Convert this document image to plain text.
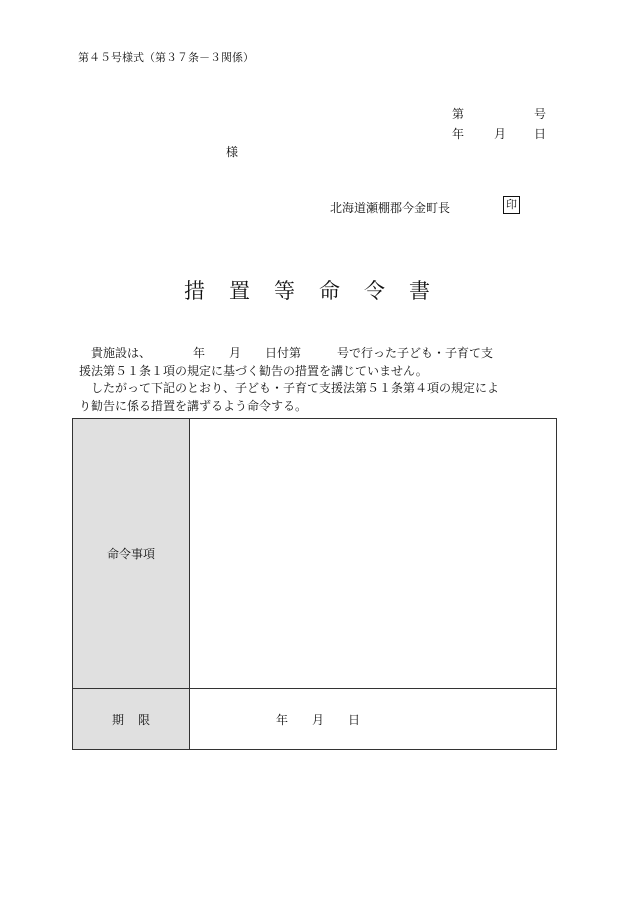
第４５号様式（第３７条－３関係）
第	号
年 月 日
様
北海道瀬棚郡今金町長	印
措置等命令書
　貴施設は、　　　　年　　月　　日付第　　　号で行った子ども・子育て支
援法第５１条１項の規定に基づく勧告の措置を講じていません。
　したがって下記のとおり、子ども・子育て支援法第５１条第４項の規定によ
り勧告に係る措置を講ずるよう命令する。
命令事項
期限	年　　月　　日
